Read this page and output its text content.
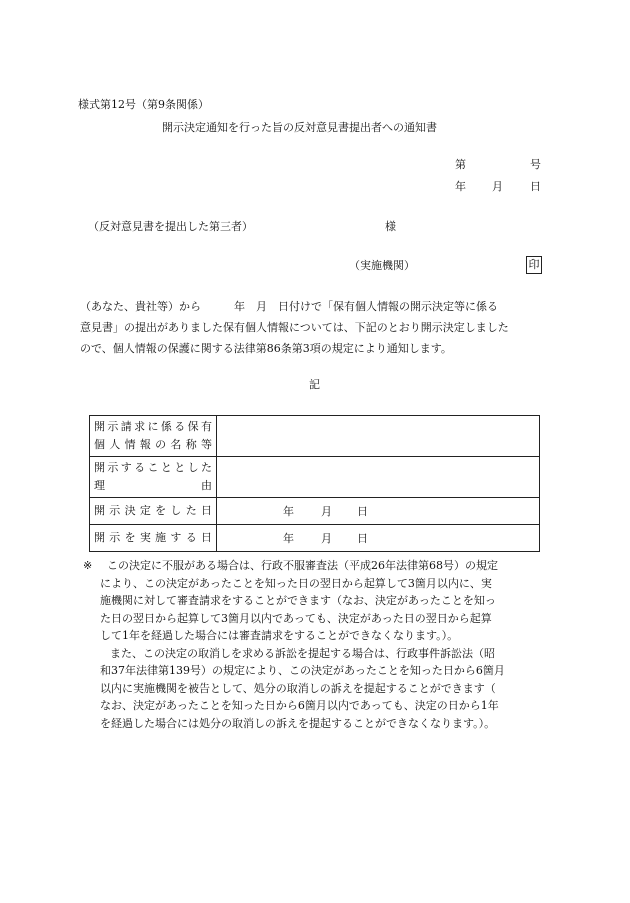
様式第12号（第9条関係）
開示決定通知を行った旨の反対意見書提出者への通知書
第	号
年 月 日
（反対意見書を提出した第三者）	様
（実施機関）	印
（あなた、貴社等）から　　　年　月　日付けで「保有個人情報の開示決定等に係る
意見書」の提出がありました保有個人情報については、下記のとおり開示決定しました
ので、個人情報の保護に関する法律第86条第3項の規定により通知します。
記
開示請求に係る保有
個人情報の名称等	

開示することとした
理 由	

開示決定をした日	年 月 日

開示を実施する日	年 月 日
※ この決定に不服がある場合は、行政不服審査法（平成26年法律第68号）の規定
により、この決定があったことを知った日の翌日から起算して3箇月以内に、実
施機関に対して審査請求をすることができます（なお、決定があったことを知っ
た日の翌日から起算して3箇月以内であっても、決定があった日の翌日から起算
して1年を経過した場合には審査請求をすることができなくなります。）。
また、この決定の取消しを求める訴訟を提起する場合は、行政事件訴訟法（昭
和37年法律第139号）の規定により、この決定があったことを知った日から6箇月
以内に実施機関を被告として、処分の取消しの訴えを提起することができます（
なお、決定があったことを知った日から6箇月以内であっても、決定の日から1年
を経過した場合には処分の取消しの訴えを提起することができなくなります。）。
